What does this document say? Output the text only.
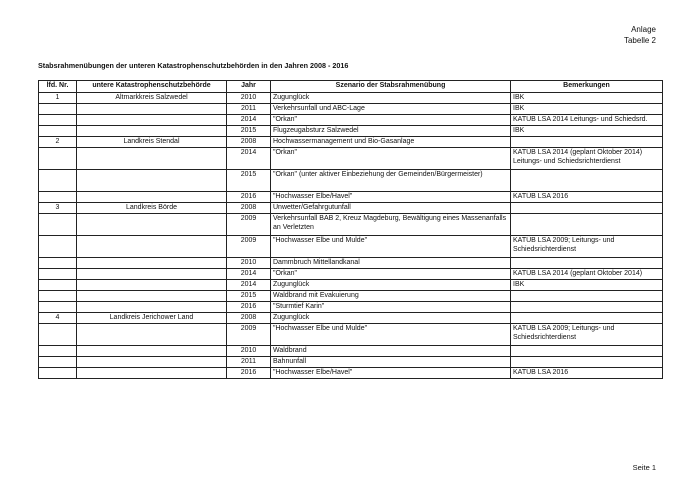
Anlage
Tabelle 2
Stabsrahmenübungen der unteren Katastrophenschutzbehörden in den Jahren 2008 - 2016
lfd. Nr.	untere Katastrophenschutzbehörde	Jahr	Szenario der Stabsrahmenübung	Bemerkungen
1	Altmarkkreis Salzwedel	2010	Zugunglück	IBK
		2011	Verkehrsunfall und ABC-Lage	IBK
		2014	"Orkan"	KATÜB LSA 2014 Leitungs- und Schiedsrd.
		2015	Flugzeugabsturz Salzwedel	IBK
2	Landkreis Stendal	2008	Hochwassermanagement und Bio-Gasanlage	
		2014	"Orkan"	KATÜB LSA 2014 (geplant Oktober 2014) Leitungs- und Schiedsrichterdienst
		2015	"Orkan" (unter aktiver Einbeziehung der Gemeinden/Bürgermeister)	
		2016	"Hochwasser Elbe/Havel"	KATÜB LSA 2016
3	Landkreis Börde	2008	Unwetter/Gefahrgutunfall	
		2009	Verkehrsunfall BAB 2, Kreuz Magdeburg, Bewältigung eines Massenanfalls an Verletzten	
		2009	"Hochwasser Elbe und Mulde"	KATÜB LSA 2009; Leitungs- und Schiedsrichterdienst
		2010	Dammbruch Mittellandkanal	
		2014	"Orkan"	KATÜB LSA 2014 (geplant Oktober 2014)
		2014	Zugunglück	IBK
		2015	Waldbrand mit Evakuierung	
		2016	"Sturmtief Karin"	
4	Landkreis Jerichower Land	2008	Zugunglück	
		2009	"Hochwasser Elbe und Mulde"	KATÜB LSA 2009; Leitungs- und Schiedsrichterdienst
		2010	Waldbrand	
		2011	Bahnunfall	
		2016	"Hochwasser Elbe/Havel"	KATÜB LSA 2016
Seite 1
